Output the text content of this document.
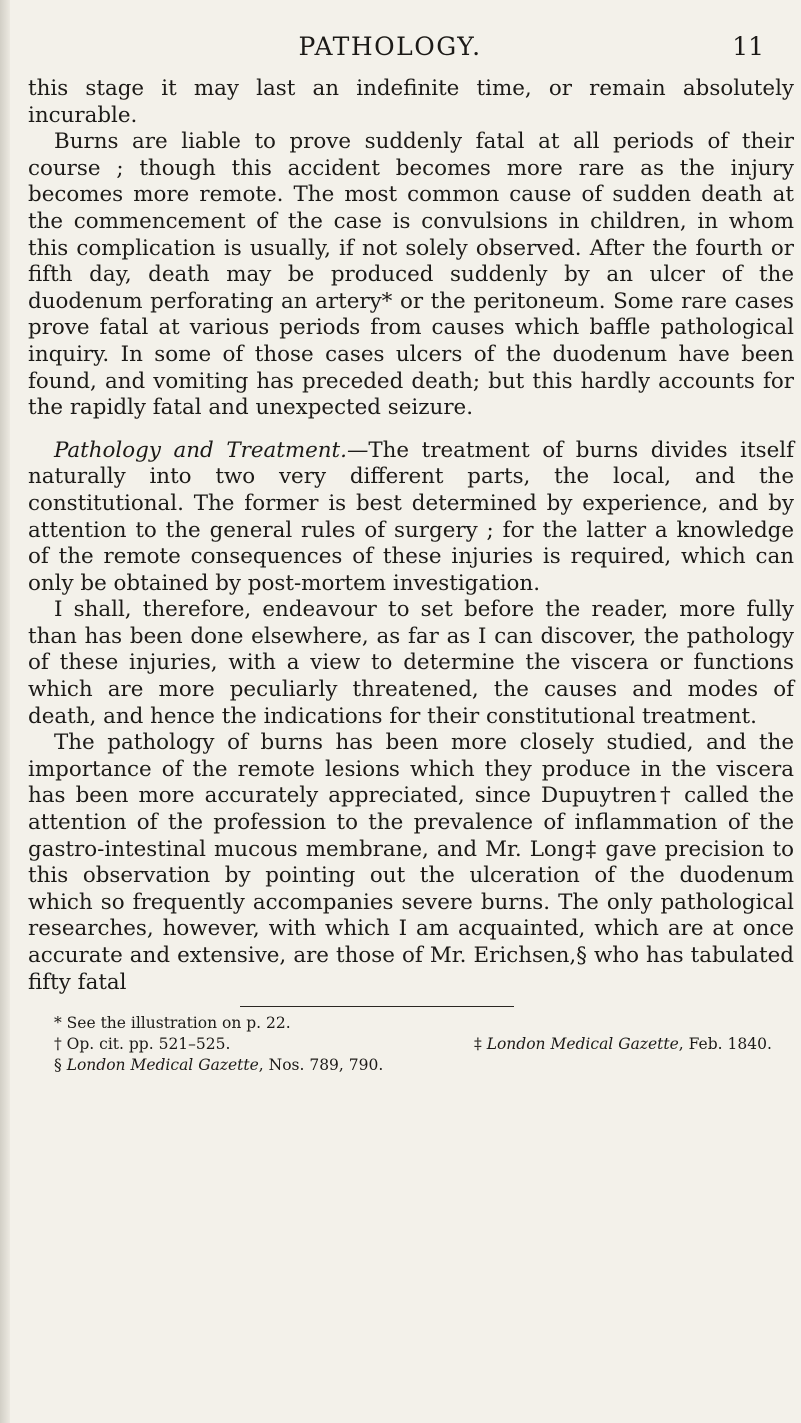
PATHOLOGY.	11

this stage it may last an indefinite time, or remain absolutely incurable.

Burns are liable to prove suddenly fatal at all periods of their course ; though this accident becomes more rare as the injury becomes more remote. The most common cause of sudden death at the commencement of the case is convulsions in children, in whom this complication is usually, if not solely observed. After the fourth or fifth day, death may be produced suddenly by an ulcer of the duodenum perforating an artery* or the peritoneum. Some rare cases prove fatal at various periods from causes which baffle pathological inquiry. In some of those cases ulcers of the duodenum have been found, and vomiting has preceded death; but this hardly accounts for the rapidly fatal and unexpected seizure.

Pathology and Treatment.—The treatment of burns divides itself naturally into two very different parts, the local, and the constitutional. The former is best determined by experience, and by attention to the general rules of surgery ; for the latter a knowledge of the remote consequences of these injuries is required, which can only be obtained by post-mortem investigation.

I shall, therefore, endeavour to set before the reader, more fully than has been done elsewhere, as far as I can discover, the pathology of these injuries, with a view to determine the viscera or functions which are more peculiarly threatened, the causes and modes of death, and hence the indications for their constitutional treatment.

The pathology of burns has been more closely studied, and the importance of the remote lesions which they produce in the viscera has been more accurately appreciated, since Dupuytren† called the attention of the profession to the prevalence of inflammation of the gastro-intestinal mucous membrane, and Mr. Long‡ gave precision to this observation by pointing out the ulceration of the duodenum which so frequently accompanies severe burns. The only pathological researches, however, with which I am acquainted, which are at once accurate and extensive, are those of Mr. Erichsen,§ who has tabulated fifty fatal

* See the illustration on p. 22.
† Op. cit. pp. 521–525.	‡ London Medical Gazette, Feb. 1840.
§ London Medical Gazette, Nos. 789, 790.
